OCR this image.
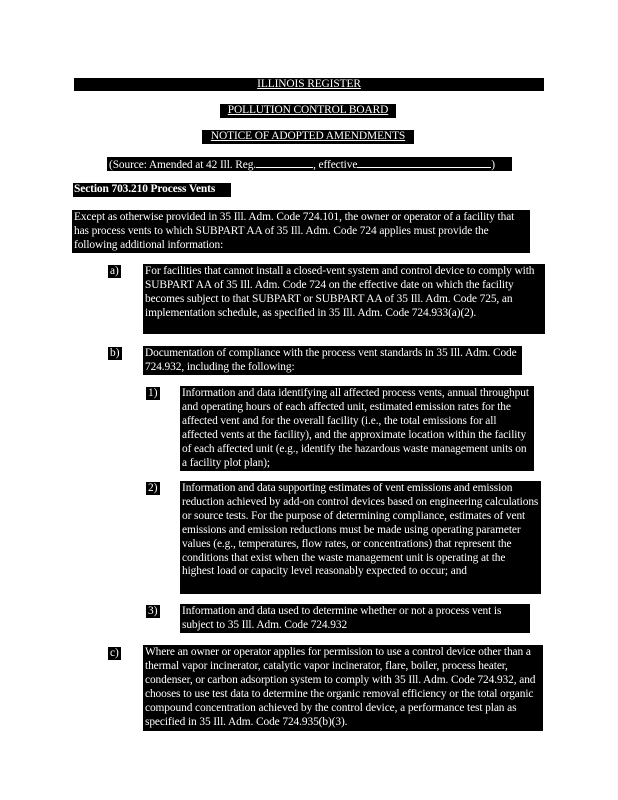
ILLINOIS REGISTER
POLLUTION CONTROL BOARD
NOTICE OF ADOPTED AMENDMENTS
(Source: Amended at 42 Ill. Reg.	, effective	)
Section 703.210 Process Vents
Except as otherwise provided in 35 Ill. Adm. Code 724.101, the owner or operator of a facility that has process vents to which SUBPART AA of 35 Ill. Adm. Code 724 applies must provide the following additional information:
a) For facilities that cannot install a closed-vent system and control device to comply with SUBPART AA of 35 Ill. Adm. Code 724 on the effective date on which the facility becomes subject to that SUBPART or SUBPART AA of 35 Ill. Adm. Code 725, an implementation schedule, as specified in 35 Ill. Adm. Code 724.933(a)(2).
b) Documentation of compliance with the process vent standards in 35 Ill. Adm. Code 724.932, including the following:
1) Information and data identifying all affected process vents, annual throughput and operating hours of each affected unit, estimated emission rates for the affected vent and for the overall facility (i.e., the total emissions for all affected vents at the facility), and the approximate location within the facility of each affected unit (e.g., identify the hazardous waste management units on a facility plot plan);
2) Information and data supporting estimates of vent emissions and emission reduction achieved by add-on control devices based on engineering calculations or source tests. For the purpose of determining compliance, estimates of vent emissions and emission reductions must be made using operating parameter values (e.g., temperatures, flow rates, or concentrations) that represent the conditions that exist when the waste management unit is operating at the highest load or capacity level reasonably expected to occur; and
3) Information and data used to determine whether or not a process vent is subject to 35 Ill. Adm. Code 724.932
c) Where an owner or operator applies for permission to use a control device other than a thermal vapor incinerator, catalytic vapor incinerator, flare, boiler, process heater, condenser, or carbon adsorption system to comply with 35 Ill. Adm. Code 724.932, and chooses to use test data to determine the organic removal efficiency or the total organic compound concentration achieved by the control device, a performance test plan as specified in 35 Ill. Adm. Code 724.935(b)(3).
